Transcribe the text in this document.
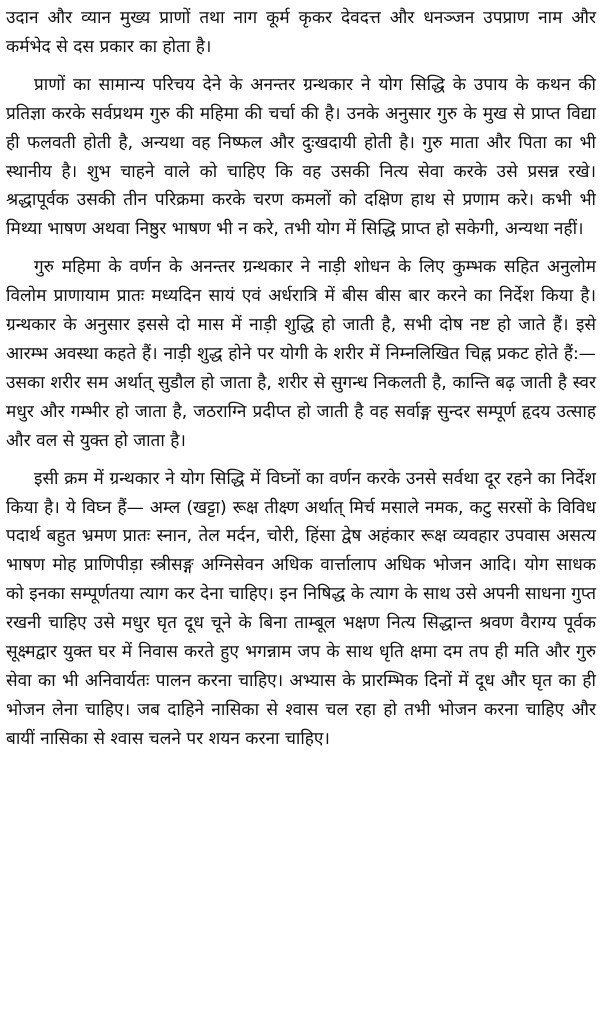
उदान और व्यान मुख्य प्राणों तथा नाग कूर्म कृकर देवदत्त और धनञ्जन उपप्राण नाम और कर्मभेद से दस प्रकार का होता है।

प्राणों का सामान्य परिचय देने के अनन्तर ग्रन्थकार ने योग सिद्धि के उपाय के कथन की प्रतिज्ञा करके सर्वप्रथम गुरु की महिमा की चर्चा की है। उनके अनुसार गुरु के मुख से प्राप्त विद्या ही फलवती होती है, अन्यथा वह निष्फल और दुःखदायी होती है। गुरु माता और पिता का भी स्थानीय है। शुभ चाहने वाले को चाहिए कि वह उसकी नित्य सेवा करके उसे प्रसन्न रखे। श्रद्धापूर्वक उसकी तीन परिक्रमा करके चरण कमलों को दक्षिण हाथ से प्रणाम करे। कभी भी मिथ्या भाषण अथवा निष्ठुर भाषण भी न करे, तभी योग में सिद्धि प्राप्त हो सकेगी, अन्यथा नहीं।

गुरु महिमा के वर्णन के अनन्तर ग्रन्थकार ने नाड़ी शोधन के लिए कुम्भक सहित अनुलोम विलोम प्राणायाम प्रातः मध्यदिन सायं एवं अर्धरात्रि में बीस बीस बार करने का निर्देश किया है। ग्रन्थकार के अनुसार इससे दो मास में नाड़ी शुद्धि हो जाती है, सभी दोष नष्ट हो जाते हैं। इसे आरम्भ अवस्था कहते हैं। नाड़ी शुद्ध होने पर योगी के शरीर में निम्नलिखित चिह्न प्रकट होते हैं:— उसका शरीर सम अर्थात् सुडौल हो जाता है, शरीर से सुगन्ध निकलती है, कान्ति बढ़ जाती है स्वर मधुर और गम्भीर हो जाता है, जठराग्नि प्रदीप्त हो जाती है वह सर्वाङ्ग सुन्दर सम्पूर्ण हृदय उत्साह और वल से युक्त हो जाता है।

इसी क्रम में ग्रन्थकार ने योग सिद्धि में विघ्नों का वर्णन करके उनसे सर्वथा दूर रहने का निर्देश किया है। ये विघ्न हैं— अम्ल (खट्टा) रूक्ष तीक्ष्ण अर्थात् मिर्च मसाले नमक, कटु सरसों के विविध पदार्थ बहुत भ्रमण प्रातः स्नान, तेल मर्दन, चोरी, हिंसा द्वेष अहंकार रूक्ष व्यवहार उपवास असत्य भाषण मोह प्राणिपीड़ा स्त्रीसङ्ग अग्निसेवन अधिक वार्त्तालाप अधिक भोजन आदि। योग साधक को इनका सम्पूर्णतया त्याग कर देना चाहिए। इन निषिद्ध के त्याग के साथ उसे अपनी साधना गुप्त रखनी चाहिए उसे मधुर घृत दूध चूने के बिना ताम्बूल भक्षण नित्य सिद्धान्त श्रवण वैराग्य पूर्वक सूक्ष्मद्वार युक्त घर में निवास करते हुए भगन्नाम जप के साथ धृति क्षमा दम तप ही मति और गुरु सेवा का भी अनिवार्यतः पालन करना चाहिए। अभ्यास के प्रारम्भिक दिनों में दूध और घृत का ही भोजन लेना चाहिए। जब दाहिने नासिका से श्वास चल रहा हो तभी भोजन करना चाहिए और बायीं नासिका से श्वास चलने पर शयन करना चाहिए।
